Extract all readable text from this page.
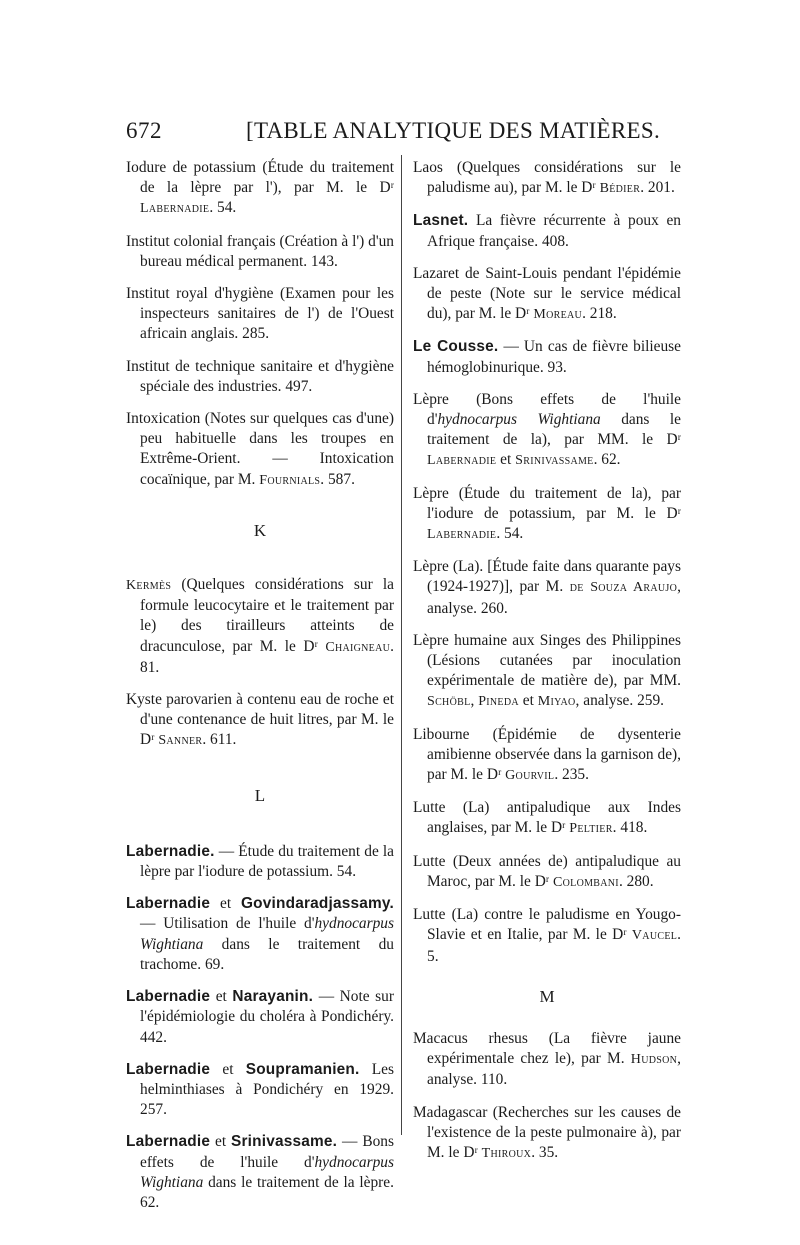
672	[TABLE ANALYTIQUE DES MATIÈRES.

Iodure de potassium (Étude du traitement de la lèpre par l'), par M. le Dʳ Labernadie. 54.

Institut colonial français (Création à l') d'un bureau médical permanent. 143.

Institut royal d'hygiène (Examen pour les inspecteurs sanitaires de l') de l'Ouest africain anglais. 285.

Institut de technique sanitaire et d'hygiène spéciale des industries. 497.

Intoxication (Notes sur quelques cas d'une) peu habituelle dans les troupes en Extrême-Orient. — Intoxication cocaïnique, par M. Fournials. 587.

K

Kermès (Quelques considérations sur la formule leucocytaire et le traitement par le) des tirailleurs atteints de dracunculose, par M. le Dʳ Chaigneau. 81.

Kyste parovarien à contenu eau de roche et d'une contenance de huit litres, par M. le Dʳ Sanner. 611.

L

Labernadie. — Étude du traitement de la lèpre par l'iodure de potassium. 54.

Labernadie et Govindaradjassamy. — Utilisation de l'huile d'hydnocarpus Wightiana dans le traitement du trachome. 69.

Labernadie et Narayanin. — Note sur l'épidémiologie du choléra à Pondichéry. 442.

Labernadie et Soupramanien. Les helminthiases à Pondichéry en 1929. 257.

Labernadie et Srinivassame. — Bons effets de l'huile d'hydnocarpus Wightiana dans le traitement de la lèpre. 62.

Laos (Quelques considérations sur le paludisme au), par M. le Dʳ Bédier. 201.

Lasnet. La fièvre récurrente à poux en Afrique française. 408.

Lazaret de Saint-Louis pendant l'épidémie de peste (Note sur le service médical du), par M. le Dʳ Moreau. 218.

Le Cousse. — Un cas de fièvre bilieuse hémoglobinurique. 93.

Lèpre (Bons effets de l'huile d'hydnocarpus Wightiana dans le traitement de la), par MM. le Dʳ Labernadie et Srinivassame. 62.

Lèpre (Étude du traitement de la), par l'iodure de potassium, par M. le Dʳ Labernadie. 54.

Lèpre (La). [Étude faite dans quarante pays (1924-1927)], par M. de Souza Araujo, analyse. 260.

Lèpre humaine aux Singes des Philippines (Lésions cutanées par inoculation expérimentale de matière de), par MM. Schöbl, Pineda et Miyao, analyse. 259.

Libourne (Épidémie de dysenterie amibienne observée dans la garnison de), par M. le Dʳ Gourvil. 235.

Lutte (La) antipaludique aux Indes anglaises, par M. le Dʳ Peltier. 418.

Lutte (Deux années de) antipaludique au Maroc, par M. le Dʳ Colombani. 280.

Lutte (La) contre le paludisme en Yougo-Slavie et en Italie, par M. le Dʳ Vaucel. 5.

M

Macacus rhesus (La fièvre jaune expérimentale chez le), par M. Hudson, analyse. 110.

Madagascar (Recherches sur les causes de l'existence de la peste pulmonaire à), par M. le Dʳ Thiroux. 35.
